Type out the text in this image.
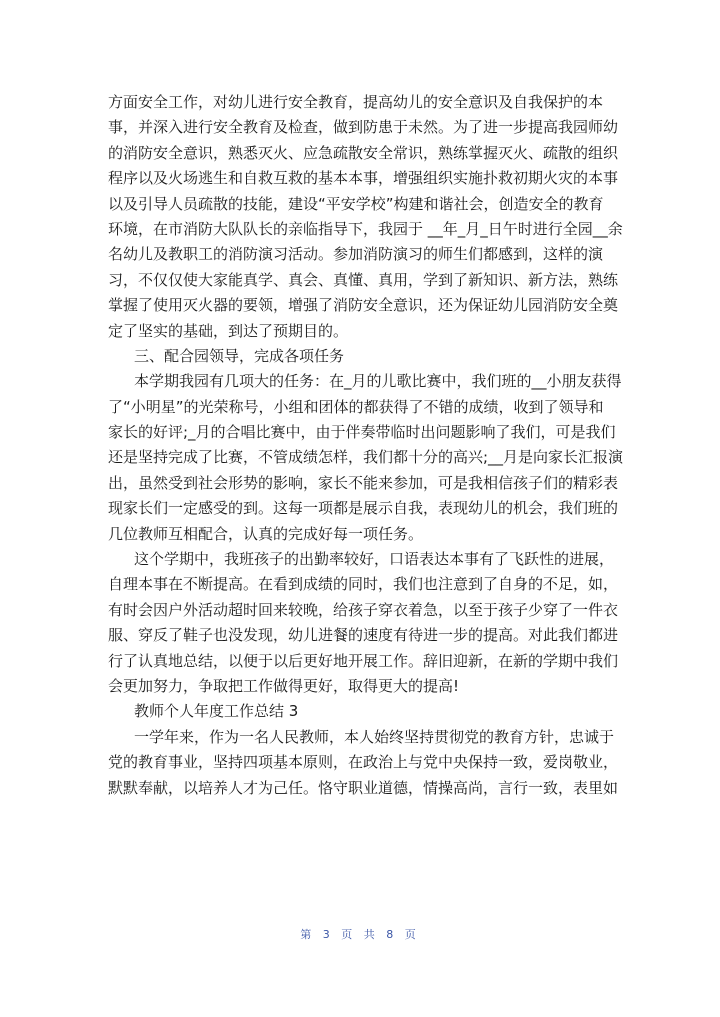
方面安全工作，对幼儿进行安全教育，提高幼儿的安全意识及自我保护的本
事，并深入进行安全教育及检查，做到防患于未然。为了进一步提高我园师幼
的消防安全意识，熟悉灭火、应急疏散安全常识，熟练掌握灭火、疏散的组织
程序以及火场逃生和自救互救的基本本事，增强组织实施扑救初期火灾的本事
以及引导人员疏散的技能，建设“平安学校”构建和谐社会，创造安全的教育
环境，在市消防大队队长的亲临指导下，我园于 __年_月_日午时进行全园__余
名幼儿及教职工的消防演习活动。参加消防演习的师生们都感到，这样的演
习，不仅仅使大家能真学、真会、真懂、真用，学到了新知识、新方法，熟练
掌握了使用灭火器的要领，增强了消防安全意识，还为保证幼儿园消防安全奠
定了坚实的基础，到达了预期目的。
三、配合园领导，完成各项任务
本学期我园有几项大的任务：在_月的儿歌比赛中，我们班的__小朋友获得
了“小明星”的光荣称号，小组和团体的都获得了不错的成绩，收到了领导和
家长的好评;_月的合唱比赛中，由于伴奏带临时出问题影响了我们，可是我们
还是坚持完成了比赛，不管成绩怎样，我们都十分的高兴;__月是向家长汇报演
出，虽然受到社会形势的影响，家长不能来参加，可是我相信孩子们的精彩表
现家长们一定感受的到。这每一项都是展示自我，表现幼儿的机会，我们班的
几位教师互相配合，认真的完成好每一项任务。
这个学期中，我班孩子的出勤率较好，口语表达本事有了飞跃性的进展，
自理本事在不断提高。在看到成绩的同时，我们也注意到了自身的不足，如，
有时会因户外活动超时回来较晚，给孩子穿衣着急，以至于孩子少穿了一件衣
服、穿反了鞋子也没发现，幼儿进餐的速度有待进一步的提高。对此我们都进
行了认真地总结，以便于以后更好地开展工作。辞旧迎新，在新的学期中我们
会更加努力，争取把工作做得更好，取得更大的提高!
教师个人年度工作总结 3
一学年来，作为一名人民教师，本人始终坚持贯彻党的教育方针，忠诚于
党的教育事业，坚持四项基本原则，在政治上与党中央保持一致，爱岗敬业，
默默奉献，以培养人才为己任。恪守职业道德，情操高尚，言行一致，表里如
第 3 页 共 8 页
